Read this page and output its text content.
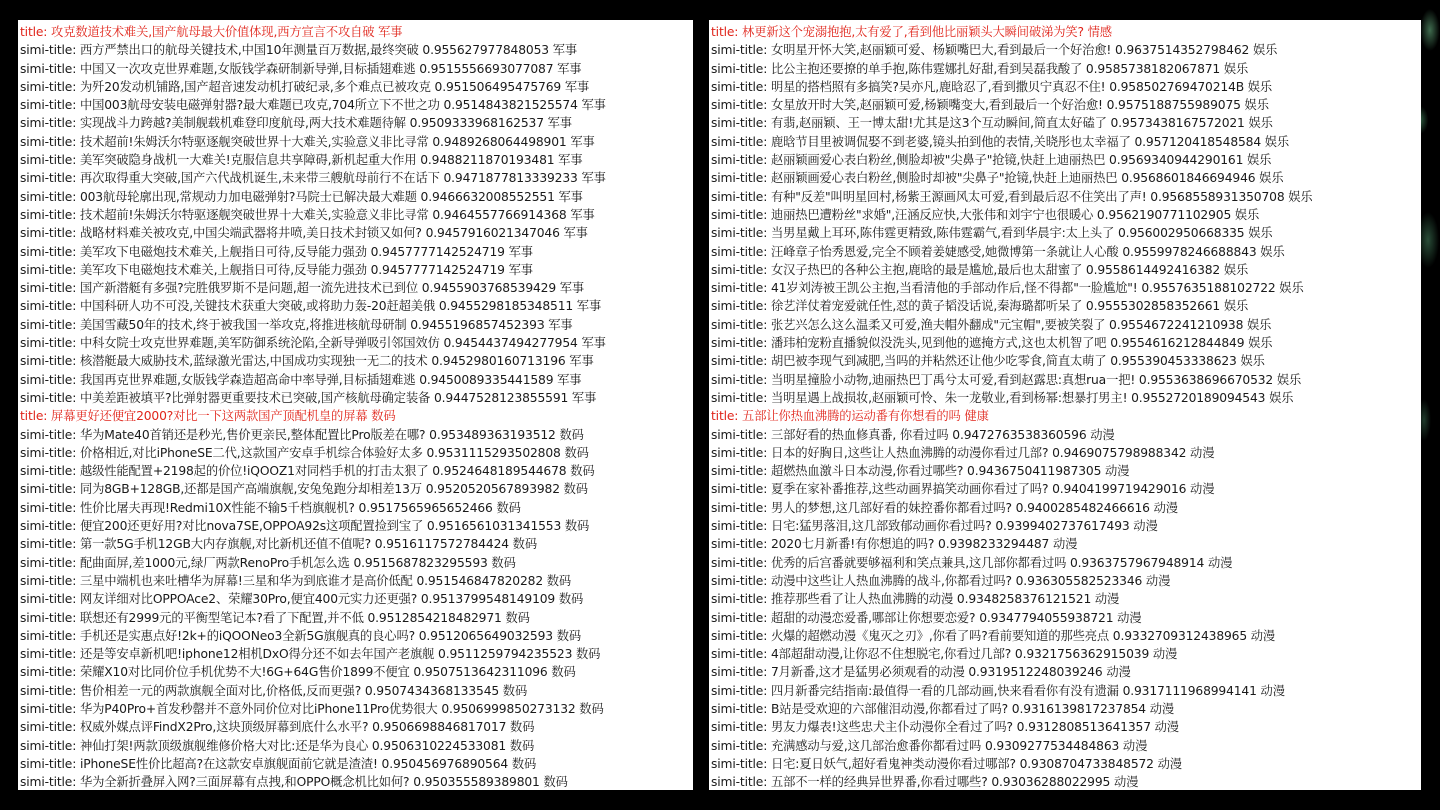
title: 攻克数道技术难关,国产航母最大价值体现,西方宣言不攻自破 军事
simi-title: 西方严禁出口的航母关键技术,中国10年测量百万数据,最终突破 0.955627977848053 军事
simi-title: 中国又一次攻克世界难题,女版钱学森研制新导弹,目标插翅难逃 0.9515556693077087 军事
simi-title: 为歼20发动机铺路,国产超音速发动机打破纪录,多个难点已被攻克 0.951506495475769 军事
simi-title: 中国003航母安装电磁弹射器?最大难题已攻克,704所立下不世之功 0.9514843821525574 军事
simi-title: 实现战斗力跨越?美制舰载机难登印度航母,两大技术难题待解 0.9509333968162537 军事
simi-title: 技术超前!朱姆沃尔特驱逐舰突破世界十大难关,实验意义非比寻常 0.9489268064498901 军事
simi-title: 美军突破隐身战机一大难关!克服信息共享障碍,新机起重大作用 0.9488211870193481 军事
simi-title: 再次取得重大突破,国产六代战机诞生,未来带三艘航母前行不在话下 0.9471877813339233 军事
simi-title: 003航母轮廓出现,常规动力加电磁弹射?马院士已解决最大难题 0.9466632008552551 军事
simi-title: 技术超前!朱姆沃尔特驱逐舰突破世界十大难关,实验意义非比寻常 0.9464557766914368 军事
simi-title: 战略材料难关被攻克,中国尖端武器将井喷,美日技术封锁又如何? 0.9457916021347046 军事
simi-title: 美军攻下电磁炮技术难关,上舰指日可待,反导能力强劲 0.9457777142524719 军事
simi-title: 美军攻下电磁炮技术难关,上舰指日可待,反导能力强劲 0.9457777142524719 军事
simi-title: 国产新潜艇有多强?完胜俄罗斯不是问题,超一流先进技术已到位 0.9455903768539429 军事
simi-title: 中国科研人功不可没,关键技术获重大突破,或将助力轰-20赶超美俄 0.9455298185348511 军事
simi-title: 美国雪藏50年的技术,终于被我国一举攻克,将推进核航母研制 0.945519685745239З 军事
simi-title: 中科女院士攻克世界难题,美军防御系统沦陷,全新导弹吸引邻国效仿 0.9454437494277954 军事
simi-title: 核潜艇最大威胁技术,蓝绿激光雷达,中国成功实现独一无二的技术 0.9452980160713196 军事
simi-title: 我国再克世界难题,女版钱学森造超高命中率导弹,目标插翅难逃 0.9450089335441589 军事
simi-title: 中美差距被填平?比弹射器更重要技术已突破,国产核航母确定装备 0.9447528123855591 军事
title: 屏幕更好还便宜2000?对比一下这两款国产顶配机皇的屏幕 数码
simi-title: 华为Mate40首销还是秒光,售价更亲民,整体配置比Pro版差在哪? 0.953489363193512 数码
simi-title: 价格相近,对比iPhoneSE二代,这款国产安卓手机综合体验好太多 0.9531115293502808 数码
simi-title: 越级性能配置+2198起的价位!iQOOZ1对同档手机的打击太狠了 0.9524648189544678 数码
simi-title: 同为8GB+128GB,还都是国产高端旗舰,安兔兔跑分却相差13万 0.9520520567893982 数码
simi-title: 性价比屠夫再现!Redmi10X性能不输5千档旗舰机? 0.9517565965652466 数码
simi-title: 便宜200还更好用?对比nova7SE,OPPOA92s这项配置捡到宝了 0.9516561031341553 数码
simi-title: 第一款5G手机12GB大内存旗舰,对比新机还值不值呢? 0.9516117572784424 数码
simi-title: 配曲面屏,差1000元,绿厂两款RenoPro手机怎么选 0.9515687823295593 数码
simi-title: 三星中端机也来吐槽华为屏幕!三星和华为到底谁才是高价低配 0.951546847820282 数码
simi-title: 网友详细对比OPPOAce2、荣耀30Pro,便宜400元实力还更强? 0.9513799548149109 数码
simi-title: 联想还有2999元的平衡型笔记本?看了下配置,并不低 0.9512854218482971 数码
simi-title: 手机还是实惠点好!2k+的iQOONeo3全新5G旗舰真的良心吗? 0.9512065649032593 数码
simi-title: 还是等安卓新机吧!iphone12相机DxO得分还不如去年国产老旗舰 0.9511259794235523 数码
simi-title: 荣耀X10对比同价位手机优势不大!6G+64G售价1899不便宜 0.9507513642311096 数码
simi-title: 售价相差一元的两款旗舰全面对比,价格低,反而更强? 0.9507434368133545 数码
simi-title: 华为P40Pro+首发秒罄并不意外同价位对比iPhone11Pro优势很大 0.9506999850273132 数码
simi-title: 权威外媒点评FindX2Pro,这块顶级屏幕到底什么水平? 0.9506698846817017 数码
simi-title: 神仙打架!两款顶级旗舰维修价格大对比:还是华为良心 0.9506310224533081 数码
simi-title: iPhoneSE性价比超高?在这款安卓旗舰面前它就是渣渣! 0.950456976890564 数码
simi-title: 华为全新折叠屏入网?三面屏幕有点拽,和OPPO概念机比如何? 0.950355589389801 数码
title: 林更新这个宠溺抱抱,太有爱了,看到他比丽颖头大瞬间破涕为笑? 情感
simi-title: 女明星开怀大笑,赵丽颖可爱、杨颖嘴巴大,看到最后一个好治愈! 0.9637514352798462 娱乐
simi-title: 比公主抱还要撩的单手抱,陈伟霆娜扎好甜,看到吴磊我酸了 0.9585738182067871 娱乐
simi-title: 明星的搭档照有多搞笑?吴亦凡,鹿晗忍了,看到撒贝宁真忍不住! 0.958502769470214B 娱乐
simi-title: 女星放开时大笑,赵丽颖可爱,杨颖嘴变大,看到最后一个好治愈! 0.9575188755989075 娱乐
simi-title: 有翡,赵丽颖、王一博太甜!尤其是这3个互动瞬间,简直太好磕了 0.9573438167572021 娱乐
simi-title: 鹿晗节目里被调侃娶不到老婆,镜头拍到他的表情,关晓彤也太幸福了 0.957120418548584 娱乐
simi-title: 赵丽颖画爱心表白粉丝,侧脸却被"尖鼻子"抢镜,快赶上迪丽热巴 0.9569340944290161 娱乐
simi-title: 赵丽颖画爱心表白粉丝,侧脸时却被"尖鼻子"抢镜,快赶上迪丽热巴 0.9568601846694946 娱乐
simi-title: 有种"反差"叫明星回村,杨紫王源画风太可爱,看到最后忍不住笑出了声! 0.9568558931350708 娱乐
simi-title: 迪丽热巴遭粉丝"求婚",汪涵反应快,大张伟和刘宇宁也很暖心 0.9562190771102905 娱乐
simi-title: 当男星戴上耳环,陈伟霆更精致,陈伟霆霸气,看到华晨宇:太上头了 0.956002950668335 娱乐
simi-title: 汪峰章子怡秀恩爱,完全不顾着姜婕感受,她微博第一条就让人心酸 0.9559978246688843 娱乐
simi-title: 女汉子热巴的各种公主抱,鹿晗的最是尴尬,最后也太甜蜜了 0.9558614492416382 娱乐
simi-title: 41岁刘涛被王凯公主抱,当看清他的手部动作后,怪不得都"一脸尴尬"! 0.9557635188102722 娱乐
simi-title: 徐艺洋仗着宠爱就任性,怼的黄子韬没话说,秦海璐都听呆了 0.9555302858352661 娱乐
simi-title: 张艺兴怎么这么温柔又可爱,渔夫帽外翻成"元宝帽",要被笑裂了 0.9554672241210938 娱乐
simi-title: 潘玮柏宠粉直播貌似没洗头,见到他的遮掩方式,这也太机智了吧 0.9554616212844849 娱乐
simi-title: 胡巴被李现气到减肥,当吗的并粘然还让他少吃零食,简直太萌了 0.955390453338623 娱乐
simi-title: 当明星撞脸小动物,迪丽热巴丁禹兮太可爱,看到赵露思:真想rua一把! 0.9553638696670532 娱乐
simi-title: 当明星遇上战损妆,赵丽颖可怜、朱一龙敬业,看到杨幂:想暴打男主! 0.9552720189094543 娱乐
title: 五部让你热血沸腾的运动番有你想看的吗 健康
simi-title: 三部好看的热血修真番, 你看过吗 0.9472763538360596 动漫
simi-title: 日本的好胸日,这些让人热血沸腾的动漫你看过几部? 0.9469075798988342 动漫
simi-title: 超燃热血激斗日本动漫,你看过哪些? 0.9436750411987305 动漫
simi-title: 夏季在家补番推荐,这些动画界搞笑动画你看过了吗? 0.9404199719429016 动漫
simi-title: 男人的梦想,这几部好看的妹控番你都看过吗? 0.9400285482466616 动漫
simi-title: 日宅:猛男落泪,这几部致郁动画你看过吗? 0.9399402737617493 动漫
simi-title: 2020七月新番!有你想追的吗? 0.9398233294487 动漫
simi-title: 优秀的后宫番就要够福利和笑点兼具,这几部你都看过吗 0.9363757967948914 动漫
simi-title: 动漫中这些让人热血沸腾的战斗,你都看过吗? 0.936305582523346 动漫
simi-title: 推荐那些看了让人热血沸腾的动漫 0.9348258376121521 动漫
simi-title: 超甜的动漫恋爱番,哪部让你想要恋爱? 0.9347794055938721 动漫
simi-title: 火爆的超燃动漫《鬼灭之刃》,你看了吗?看前要知道的那些亮点 0.9332709312438965 动漫
simi-title: 4部超甜动漫,让你忍不住想脱宅,你看过几部? 0.9321756362915039 动漫
simi-title: 7月新番,这才是猛男必须观看的动漫 0.9319512248039246 动漫
simi-title: 四月新番完结指南:最值得一看的几部动画,快来看看你有没有遗漏 0.9317111968994141 动漫
simi-title: B站是受欢迎的六部催泪动漫,你都看过了吗? 0.9316139817237854 动漫
simi-title: 男友力爆表!这些忠犬主仆动漫你全看过了吗? 0.9312808513641357 动漫
simi-title: 充满感动与爱,这几部治愈番你都看过吗 0.9309277534484863 动漫
simi-title: 日宅:夏日妖气,超好看鬼神类动漫你看过哪部? 0.9308704733848572 动漫
simi-title: 五部不一样的经典异世界番,你看过哪些? 0.93036288022995 动漫
